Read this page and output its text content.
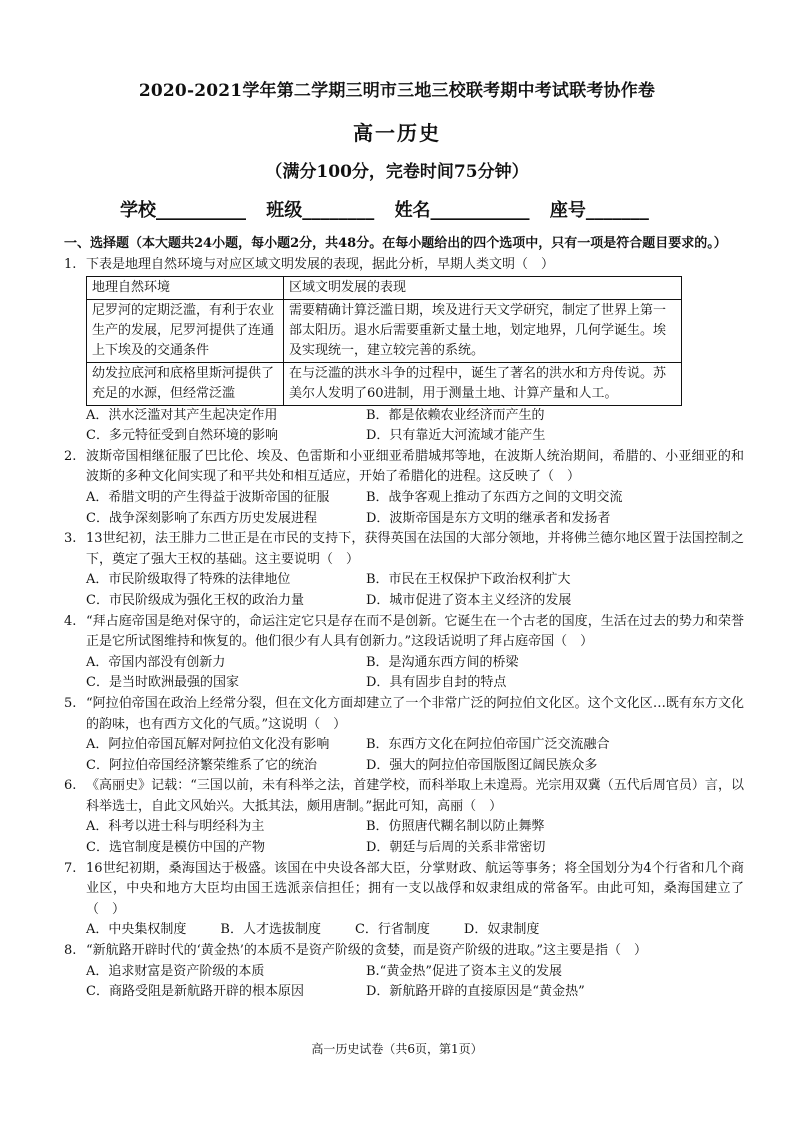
2020-2021学年第二学期三明市三地三校联考期中考试联考协作卷
高一历史
（满分100分，完卷时间75分钟）
学校__________ 班级________ 姓名___________ 座号_______
一、选择题（本大题共24小题，每小题2分，共48分。在每小题给出的四个选项中，只有一项是符合题目要求的。）
1. 下表是地理自然环境与对应区域文明发展的表现，据此分析，早期人类文明（　）
地理自然环境	区域文明发展的表现
尼罗河的定期泛滥，有利于农业生产的发展，尼罗河提供了连通上下埃及的交通条件	需要精确计算泛滥日期，埃及进行天文学研究，制定了世界上第一部太阳历。退水后需要重新丈量土地，划定地界，几何学诞生。埃及实现统一，建立较完善的系统。
幼发拉底河和底格里斯河提供了充足的水源，但经常泛滥	在与泛滥的洪水斗争的过程中，诞生了著名的洪水和方舟传说。苏美尔人发明了60进制，用于测量土地、计算产量和人工。
A．洪水泛滥对其产生起决定作用	B．都是依赖农业经济而产生的
C．多元特征受到自然环境的影响	D．只有靠近大河流域才能产生
2. 波斯帝国相继征服了巴比伦、埃及、色雷斯和小亚细亚希腊城邦等地，在波斯人统治期间，希腊的、小亚细亚的和波斯的多种文化间实现了和平共处和相互适应，开始了希腊化的进程。这反映了（　）
A．希腊文明的产生得益于波斯帝国的征服	B．战争客观上推动了东西方之间的文明交流
C．战争深刻影响了东西方历史发展进程	D．波斯帝国是东方文明的继承者和发扬者
3. 13世纪初，法王腓力二世正是在市民的支持下，获得英国在法国的大部分领地，并将佛兰德尔地区置于法国控制之下，奠定了强大王权的基础。这主要说明（　）
A．市民阶级取得了特殊的法律地位	B．市民在王权保护下政治权利扩大
C．市民阶级成为强化王权的政治力量	D．城市促进了资本主义经济的发展
4. “拜占庭帝国是绝对保守的，命运注定它只是存在而不是创新。它诞生在一个古老的国度，生活在过去的势力和荣誉正是它所试图维持和恢复的。他们很少有人具有创新力。”这段话说明了拜占庭帝国（　）
A．帝国内部没有创新力	B．是沟通东西方间的桥梁
C．是当时欧洲最强的国家	D．具有固步自封的特点
5. “阿拉伯帝国在政治上经常分裂，但在文化方面却建立了一个非常广泛的阿拉伯文化区。这个文化区…既有东方文化的韵味，也有西方文化的气质。”这说明（　）
A．阿拉伯帝国瓦解对阿拉伯文化没有影响	B．东西方文化在阿拉伯帝国广泛交流融合
C．阿拉伯帝国经济繁荣维系了它的统治	D．强大的阿拉伯帝国版图辽阔民族众多
6. 《高丽史》记载：“三国以前，未有科举之法，首建学校，而科举取上未遑焉。光宗用双冀（五代后周官员）言，以科举选士，自此文风始兴。大抵其法，颇用唐制。”据此可知，高丽（　）
A．科考以进士科与明经科为主	B．仿照唐代糊名制以防止舞弊
C．选官制度是模仿中国的产物	D．朝廷与后周的关系非常密切
7. 16世纪初期，桑海国达于极盛。该国在中央设各部大臣，分掌财政、航运等事务；将全国划分为4个行省和几个商业区，中央和地方大臣均由国王选派亲信担任；拥有一支以战俘和奴隶组成的常备军。由此可知，桑海国建立了（　）
A．中央集权制度	B．人才选拔制度	C．行省制度	D．奴隶制度
8. “新航路开辟时代的‘黄金热’的本质不是资产阶级的贪婪，而是资产阶级的进取。”这主要是指（　）
A．追求财富是资产阶级的本质	B.“黄金热”促进了资本主义的发展
C．商路受阻是新航路开辟的根本原因	D．新航路开辟的直接原因是“黄金热”
高一历史试卷（共6页，第1页）
